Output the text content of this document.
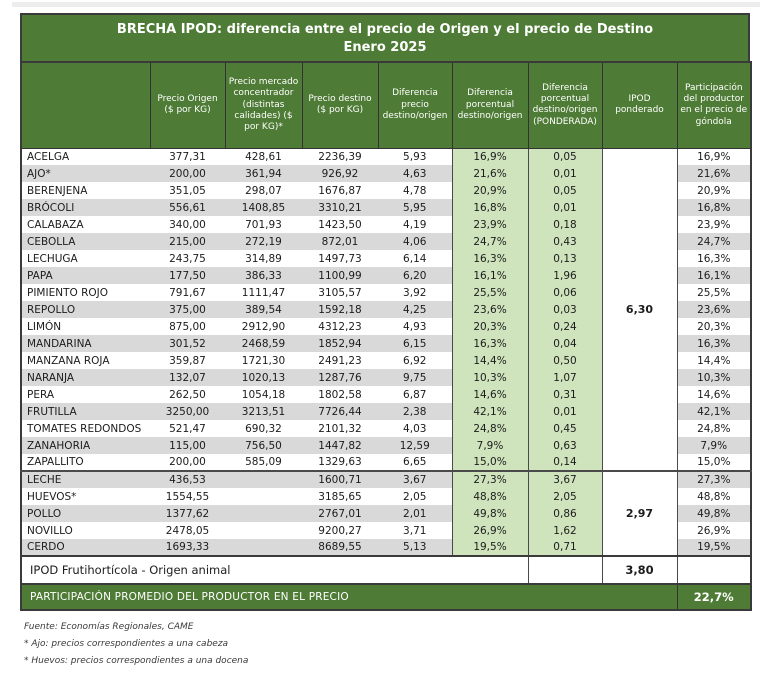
BRECHA IPOD: diferencia entre el precio de Origen y el precio de Destino
Enero 2025
	Precio Origen ($ por KG)	Precio mercado concentrador (distintas calidades) ($ por KG)*	Precio destino ($ por KG)	Diferencia precio destino/origen	Diferencia porcentual destino/origen	Diferencia porcentual destino/origen (PONDERADA)	IPOD ponderado	Participación del productor en el precio de góndola
ACELGA	377,31	428,61	2236,39	5,93	16,9%	0,05	6,30	16,9%
AJO*	200,00	361,94	926,92	4,63	21,6%	0,01		21,6%
BERENJENA	351,05	298,07	1676,87	4,78	20,9%	0,05		20,9%
BRÓCOLI	556,61	1408,85	3310,21	5,95	16,8%	0,01		16,8%
CALABAZA	340,00	701,93	1423,50	4,19	23,9%	0,18		23,9%
CEBOLLA	215,00	272,19	872,01	4,06	24,7%	0,43		24,7%
LECHUGA	243,75	314,89	1497,73	6,14	16,3%	0,13		16,3%
PAPA	177,50	386,33	1100,99	6,20	16,1%	1,96		16,1%
PIMIENTO ROJO	791,67	1111,47	3105,57	3,92	25,5%	0,06		25,5%
REPOLLO	375,00	389,54	1592,18	4,25	23,6%	0,03		23,6%
LIMÓN	875,00	2912,90	4312,23	4,93	20,3%	0,24		20,3%
MANDARINA	301,52	2468,59	1852,94	6,15	16,3%	0,04		16,3%
MANZANA ROJA	359,87	1721,30	2491,23	6,92	14,4%	0,50		14,4%
NARANJA	132,07	1020,13	1287,76	9,75	10,3%	1,07		10,3%
PERA	262,50	1054,18	1802,58	6,87	14,6%	0,31		14,6%
FRUTILLA	3250,00	3213,51	7726,44	2,38	42,1%	0,01		42,1%
TOMATES REDONDOS	521,47	690,32	2101,32	4,03	24,8%	0,45		24,8%
ZANAHORIA	115,00	756,50	1447,82	12,59	7,9%	0,63		7,9%
ZAPALLITO	200,00	585,09	1329,63	6,65	15,0%	0,14		15,0%
LECHE	436,53		1600,71	3,67	27,3%	3,67	2,97	27,3%
HUEVOS*	1554,55		3185,65	2,05	48,8%	2,05		48,8%
POLLO	1377,62		2767,01	2,01	49,8%	0,86		49,8%
NOVILLO	2478,05		9200,27	3,71	26,9%	1,62		26,9%
CERDO	1693,33		8689,55	5,13	19,5%	0,71		19,5%
IPOD Frutihortícola - Origen animal							3,80	
PARTICIPACIÓN PROMEDIO DEL PRODUCTOR EN EL PRECIO								22,7%
Fuente: Economías Regionales, CAME
* Ajo: precios correspondientes a una cabeza
* Huevos: precios correspondientes a una docena
